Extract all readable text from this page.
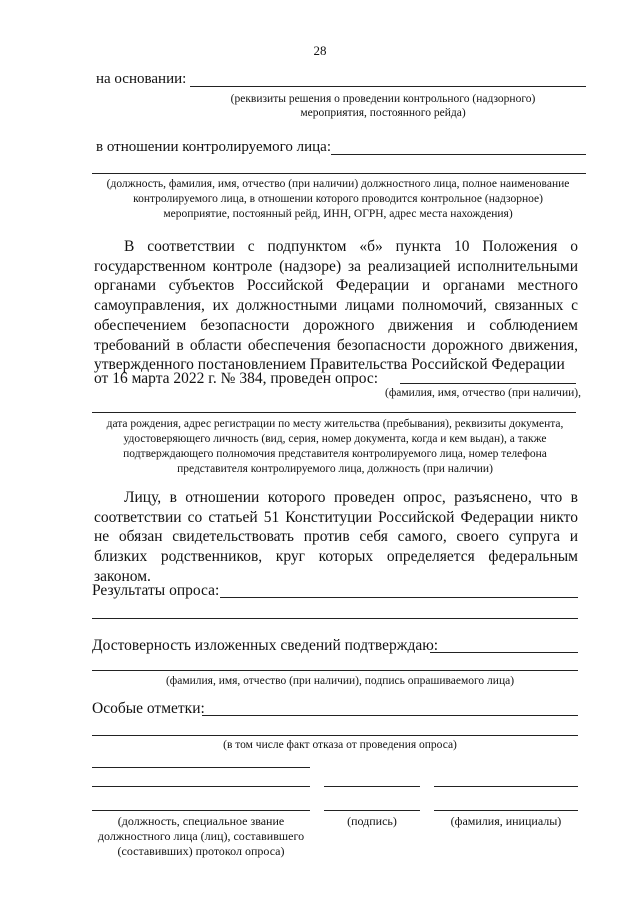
28
на основании:
(реквизиты решения о проведении контрольного (надзорного)
мероприятия, постоянного рейда)
в отношении контролируемого лица:
(должность, фамилия, имя, отчество (при наличии) должностного лица, полное наименование
контролируемого лица, в отношении которого проводится контрольное (надзорное)
мероприятие, постоянный рейд, ИНН, ОГРН, адрес места нахождения)
В соответствии с подпунктом «б» пункта 10 Положения о государственном контроле (надзоре) за реализацией исполнительными органами субъектов Российской Федерации и органами местного самоуправления, их должностными лицами полномочий, связанных с обеспечением безопасности дорожного движения и соблюдением требований в области обеспечения безопасности дорожного движения, утвержденного постановлением Правительства Российской Федерации
от 16 марта 2022 г. № 384, проведен опрос:
(фамилия, имя, отчество (при наличии),
дата рождения, адрес регистрации по месту жительства (пребывания), реквизиты документа,
удостоверяющего личность (вид, серия, номер документа, когда и кем выдан), а также
подтверждающего полномочия представителя контролируемого лица, номер телефона
представителя контролируемого лица, должность (при наличии)
Лицу, в отношении которого проведен опрос, разъяснено, что в соответствии со статьей 51 Конституции Российской Федерации никто не обязан свидетельствовать против себя самого, своего супруга и близких родственников, круг которых определяется федеральным законом.
Результаты опроса:
Достоверность изложенных сведений подтверждаю:
(фамилия, имя, отчество (при наличии), подпись опрашиваемого лица)
Особые отметки:
(в том числе факт отказа от проведения опроса)
(должность, специальное звание
должностного лица (лиц), составившего
(составивших) протокол опроса)
(подпись)	(фамилия, инициалы)
